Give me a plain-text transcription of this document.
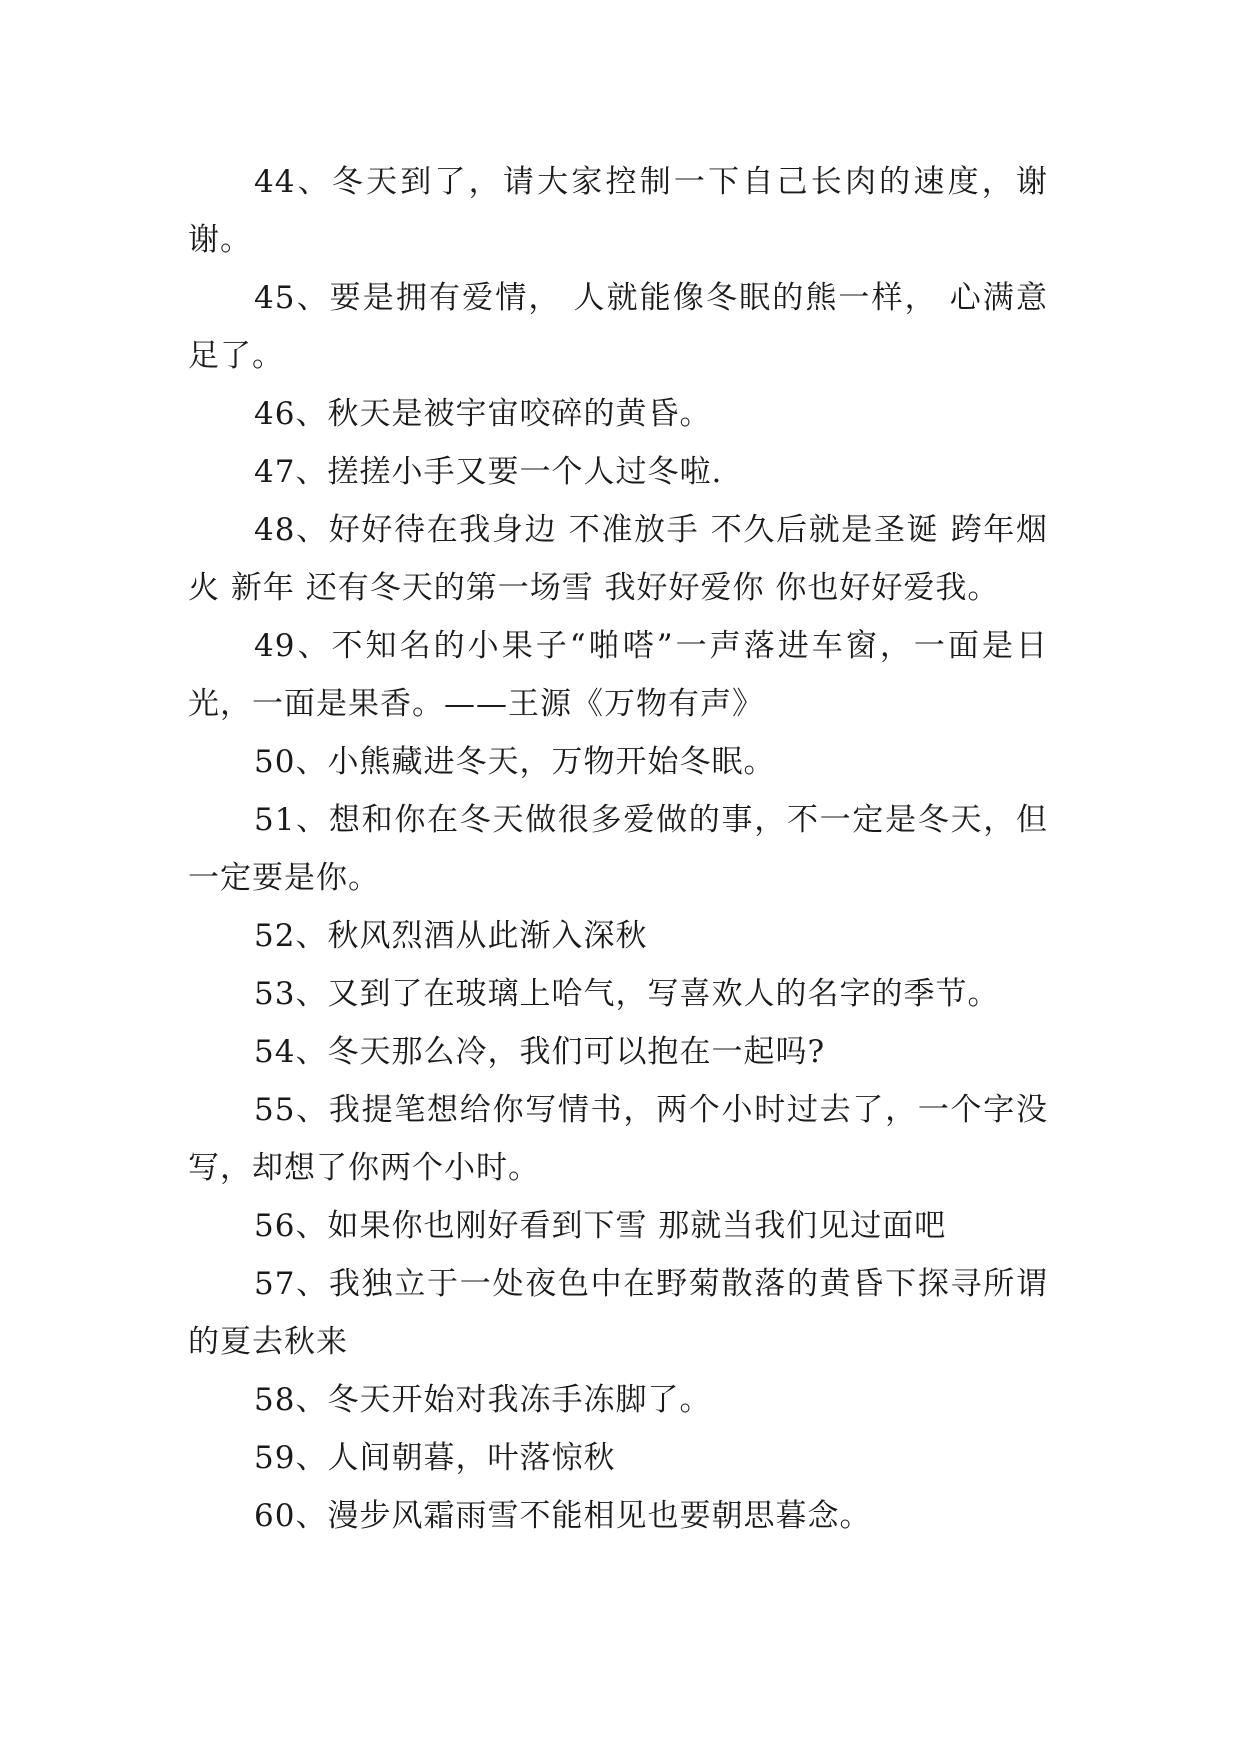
44、冬天到了，请大家控制一下自己长肉的速度，谢谢。

45、要是拥有爱情， 人就能像冬眠的熊一样， 心满意足了。

46、秋天是被宇宙咬碎的黄昏。

47、搓搓小手又要一个人过冬啦.

48、好好待在我身边 不准放手 不久后就是圣诞 跨年烟火 新年 还有冬天的第一场雪 我好好爱你 你也好好爱我。

49、不知名的小果子“啪嗒”一声落进车窗，一面是日光，一面是果香。——王源《万物有声》

50、小熊藏进冬天，万物开始冬眠。

51、想和你在冬天做很多爱做的事，不一定是冬天，但一定要是你。

52、秋风烈酒从此渐入深秋

53、又到了在玻璃上哈气，写喜欢人的名字的季节。

54、冬天那么冷，我们可以抱在一起吗?

55、我提笔想给你写情书，两个小时过去了，一个字没写，却想了你两个小时。

56、如果你也刚好看到下雪 那就当我们见过面吧

57、我独立于一处夜色中在野菊散落的黄昏下探寻所谓的夏去秋来

58、冬天开始对我冻手冻脚了。

59、人间朝暮，叶落惊秋

60、漫步风霜雨雪不能相见也要朝思暮念。
